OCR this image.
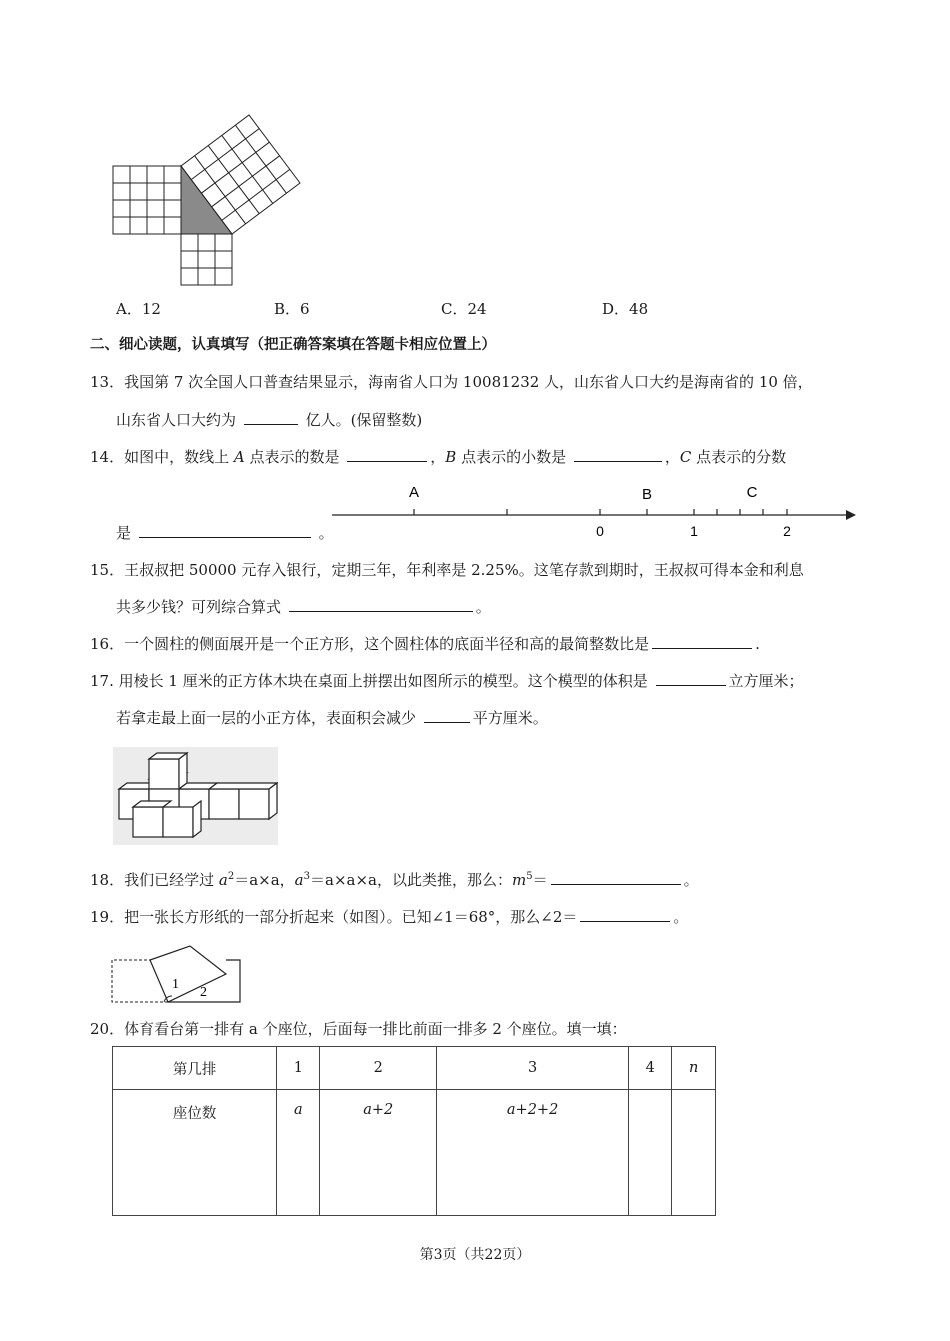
A．12	B．6	C．24	D．48
二、细心读题，认真填写（把正确答案填在答题卡相应位置上）
13．我国第 7 次全国人口普查结果显示，海南省人口为 10081232 人，山东省人口大约是海南省的 10 倍，
山东省人口大约为	亿人。(保留整数)
14．如图中，数线上 A 点表示的数是	，B 点表示的小数是	，C 点表示的分数
是	。
A	B	C
0	1	2
15．王叔叔把 50000 元存入银行，定期三年，年利率是 2.25%。这笔存款到期时，王叔叔可得本金和利息
共多少钱？可列综合算式	。
16．一个圆柱的侧面展开是一个正方形，这个圆柱体的底面半径和高的最简整数比是	.
17. 用棱长 1 厘米的正方体木块在桌面上拼摆出如图所示的模型。这个模型的体积是	立方厘米；
若拿走最上面一层的小正方体，表面积会减少	平方厘米。
18．我们已经学过 $a^2=a\times a$，$a^3=a\times a\times a$，以此类推，那么：$m^5=$	。
19．把一张长方形纸的一部分折起来（如图）。已知∠1＝68°，那么∠2＝	。
1
2
20．体育看台第一排有 a 个座位，后面每一排比前面一排多 2 个座位。填一填：
第几排	1	2	3	4	n
座位数	a	a+2	a+2+2		
第3页（共22页）
